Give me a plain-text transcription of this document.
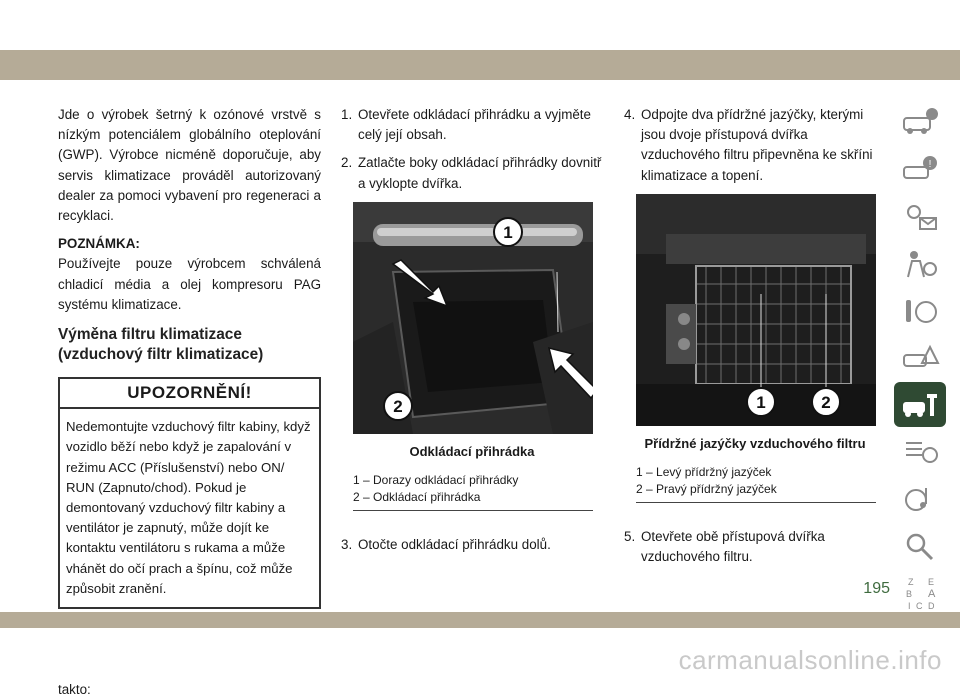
Jde o výrobek šetrný k ozónové vrstvě s nízkým potenciálem globálního oteplování (GWP). Výrobce nicméně doporučuje, aby servis klimatizace prováděl autorizovaný dealer za pomoci vybavení pro regeneraci a recyklaci.

POZNÁMKA:

Používejte pouze výrobcem schválená chladicí média a olej kompresoru PAG systému klimatizace.

Výměna filtru klimatizace (vzduchový filtr klimatizace)
UPOZORNĚNÍ!
Nedemontujte vzduchový filtr kabiny, když vozidlo běží nebo když je zapalování v režimu ACC (Příslušenství) nebo ON/ RUN (Zapnuto/chod). Pokud je demontovaný vzduchový filtr kabiny a ventilátor je zapnutý, může dojít ke kontaktu ventilátoru s rukama a může vhánět do očí prach a špínu, což může způsobit zranění.

takto:

1. Otevřete odkládací přihrádku a vyjměte celý její obsah.
2. Zatlačte boky odkládací přihrádky dovnitř a vyklopte dvířka.
1
2
Odkládací přihrádka
1 – Dorazy odkládací přihrádky
2 – Odkládací přihrádka
3. Otočte odkládací přihrádku dolů.
4. Odpojte dva přídržné jazýčky, kterými jsou dvoje přístupová dvířka vzduchového filtru připevněna ke skříni klimatizace a topení.
1	2
Přídržné jazýčky vzduchového filtru
1 – Levý přídržný jazýček
2 – Pravý přídržný jazýček
5. Otevřete obě přístupová dvířka vzduchového filtru.
!
Z E
B A
I C D
195
carmanualsonline.info
